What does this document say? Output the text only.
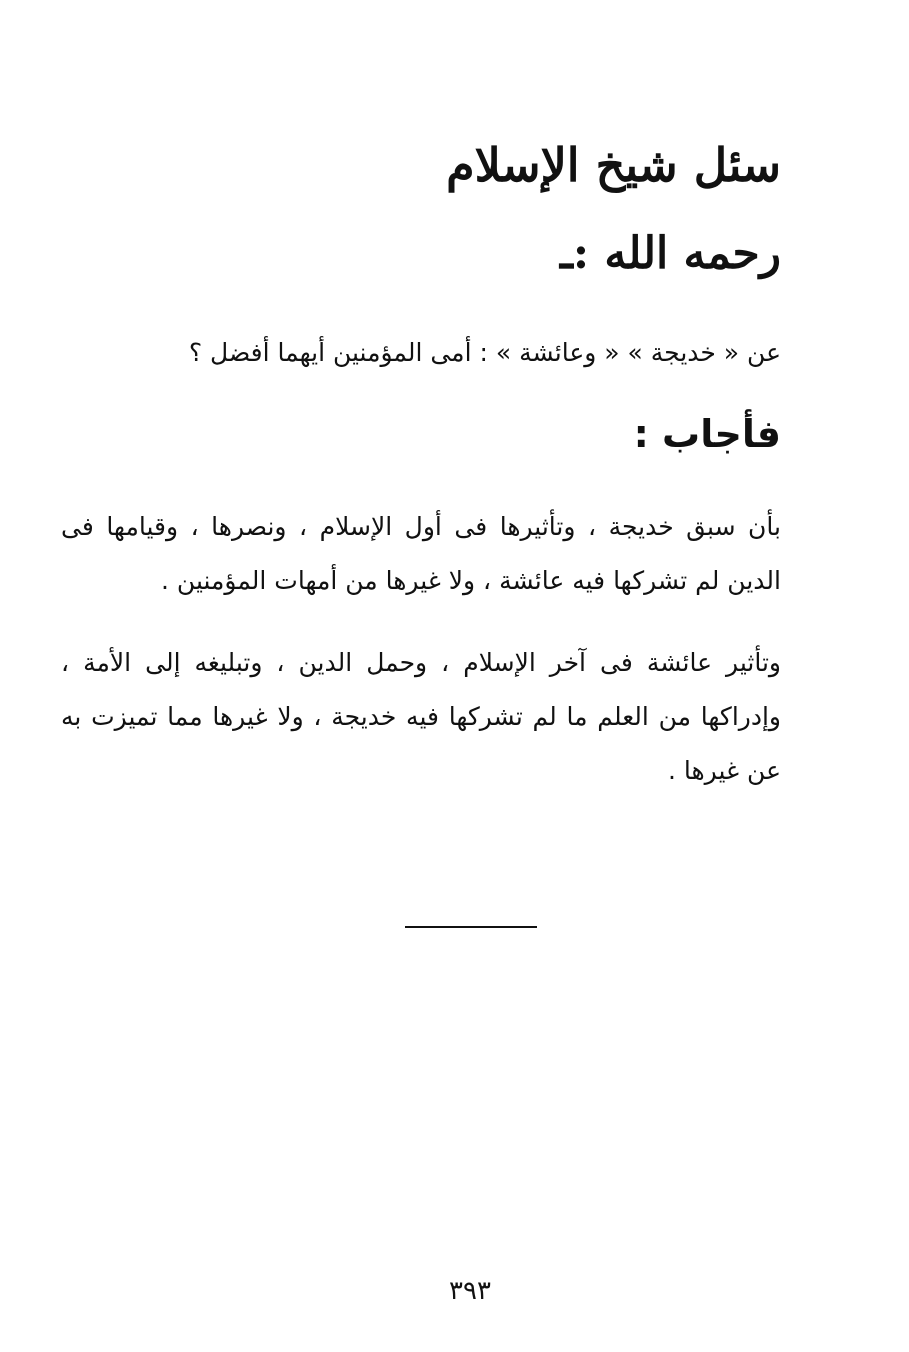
سئل شيخ الإسلام
رحمه الله :ـ
عن « خديجة » « وعائشة » : أمى المؤمنين أيهما أفضل ؟
فأجاب :
بأن سبق خديجة ، وتأثيرها فى أول الإسلام ، ونصرها ، وقيامها فى الدين لم تشركها فيه عائشة ، ولا غيرها من أمهات المؤمنين .
وتأثير عائشة فى آخر الإسلام ، وحمل الدين ، وتبليغه إلى الأمة ، وإدراكها من العلم ما لم تشركها فيه خديجة ، ولا غيرها مما تميزت به عن غيرها .
٣٩٣
